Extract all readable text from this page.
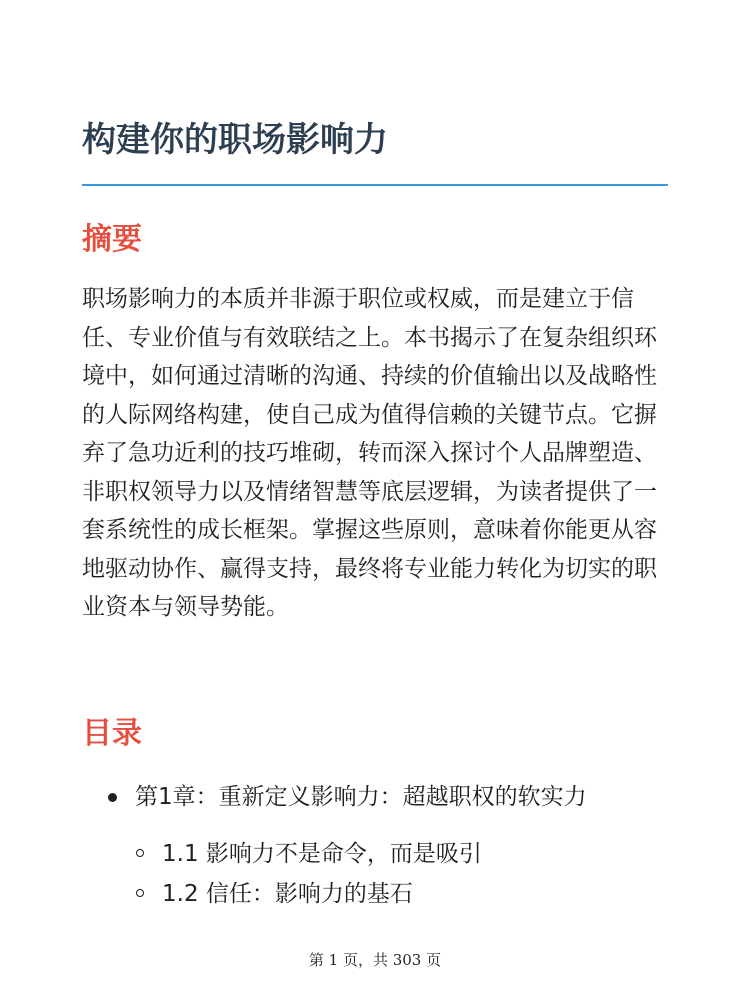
构建你的职场影响力
摘要

职场影响力的本质并非源于职位或权威，而是建立于信任、专业价值与有效联结之上。本书揭示了在复杂组织环境中，如何通过清晰的沟通、持续的价值输出以及战略性的人际网络构建，使自己成为值得信赖的关键节点。它摒弃了急功近利的技巧堆砌，转而深入探讨个人品牌塑造、非职权领导力以及情绪智慧等底层逻辑，为读者提供了一套系统性的成长框架。掌握这些原则，意味着你能更从容地驱动协作、赢得支持，最终将专业能力转化为切实的职业资本与领导势能。

目录
第1章：重新定义影响力：超越职权的软实力
1.1 影响力不是命令，而是吸引
1.2 信任：影响力的基石
第 1 页，共 303 页
